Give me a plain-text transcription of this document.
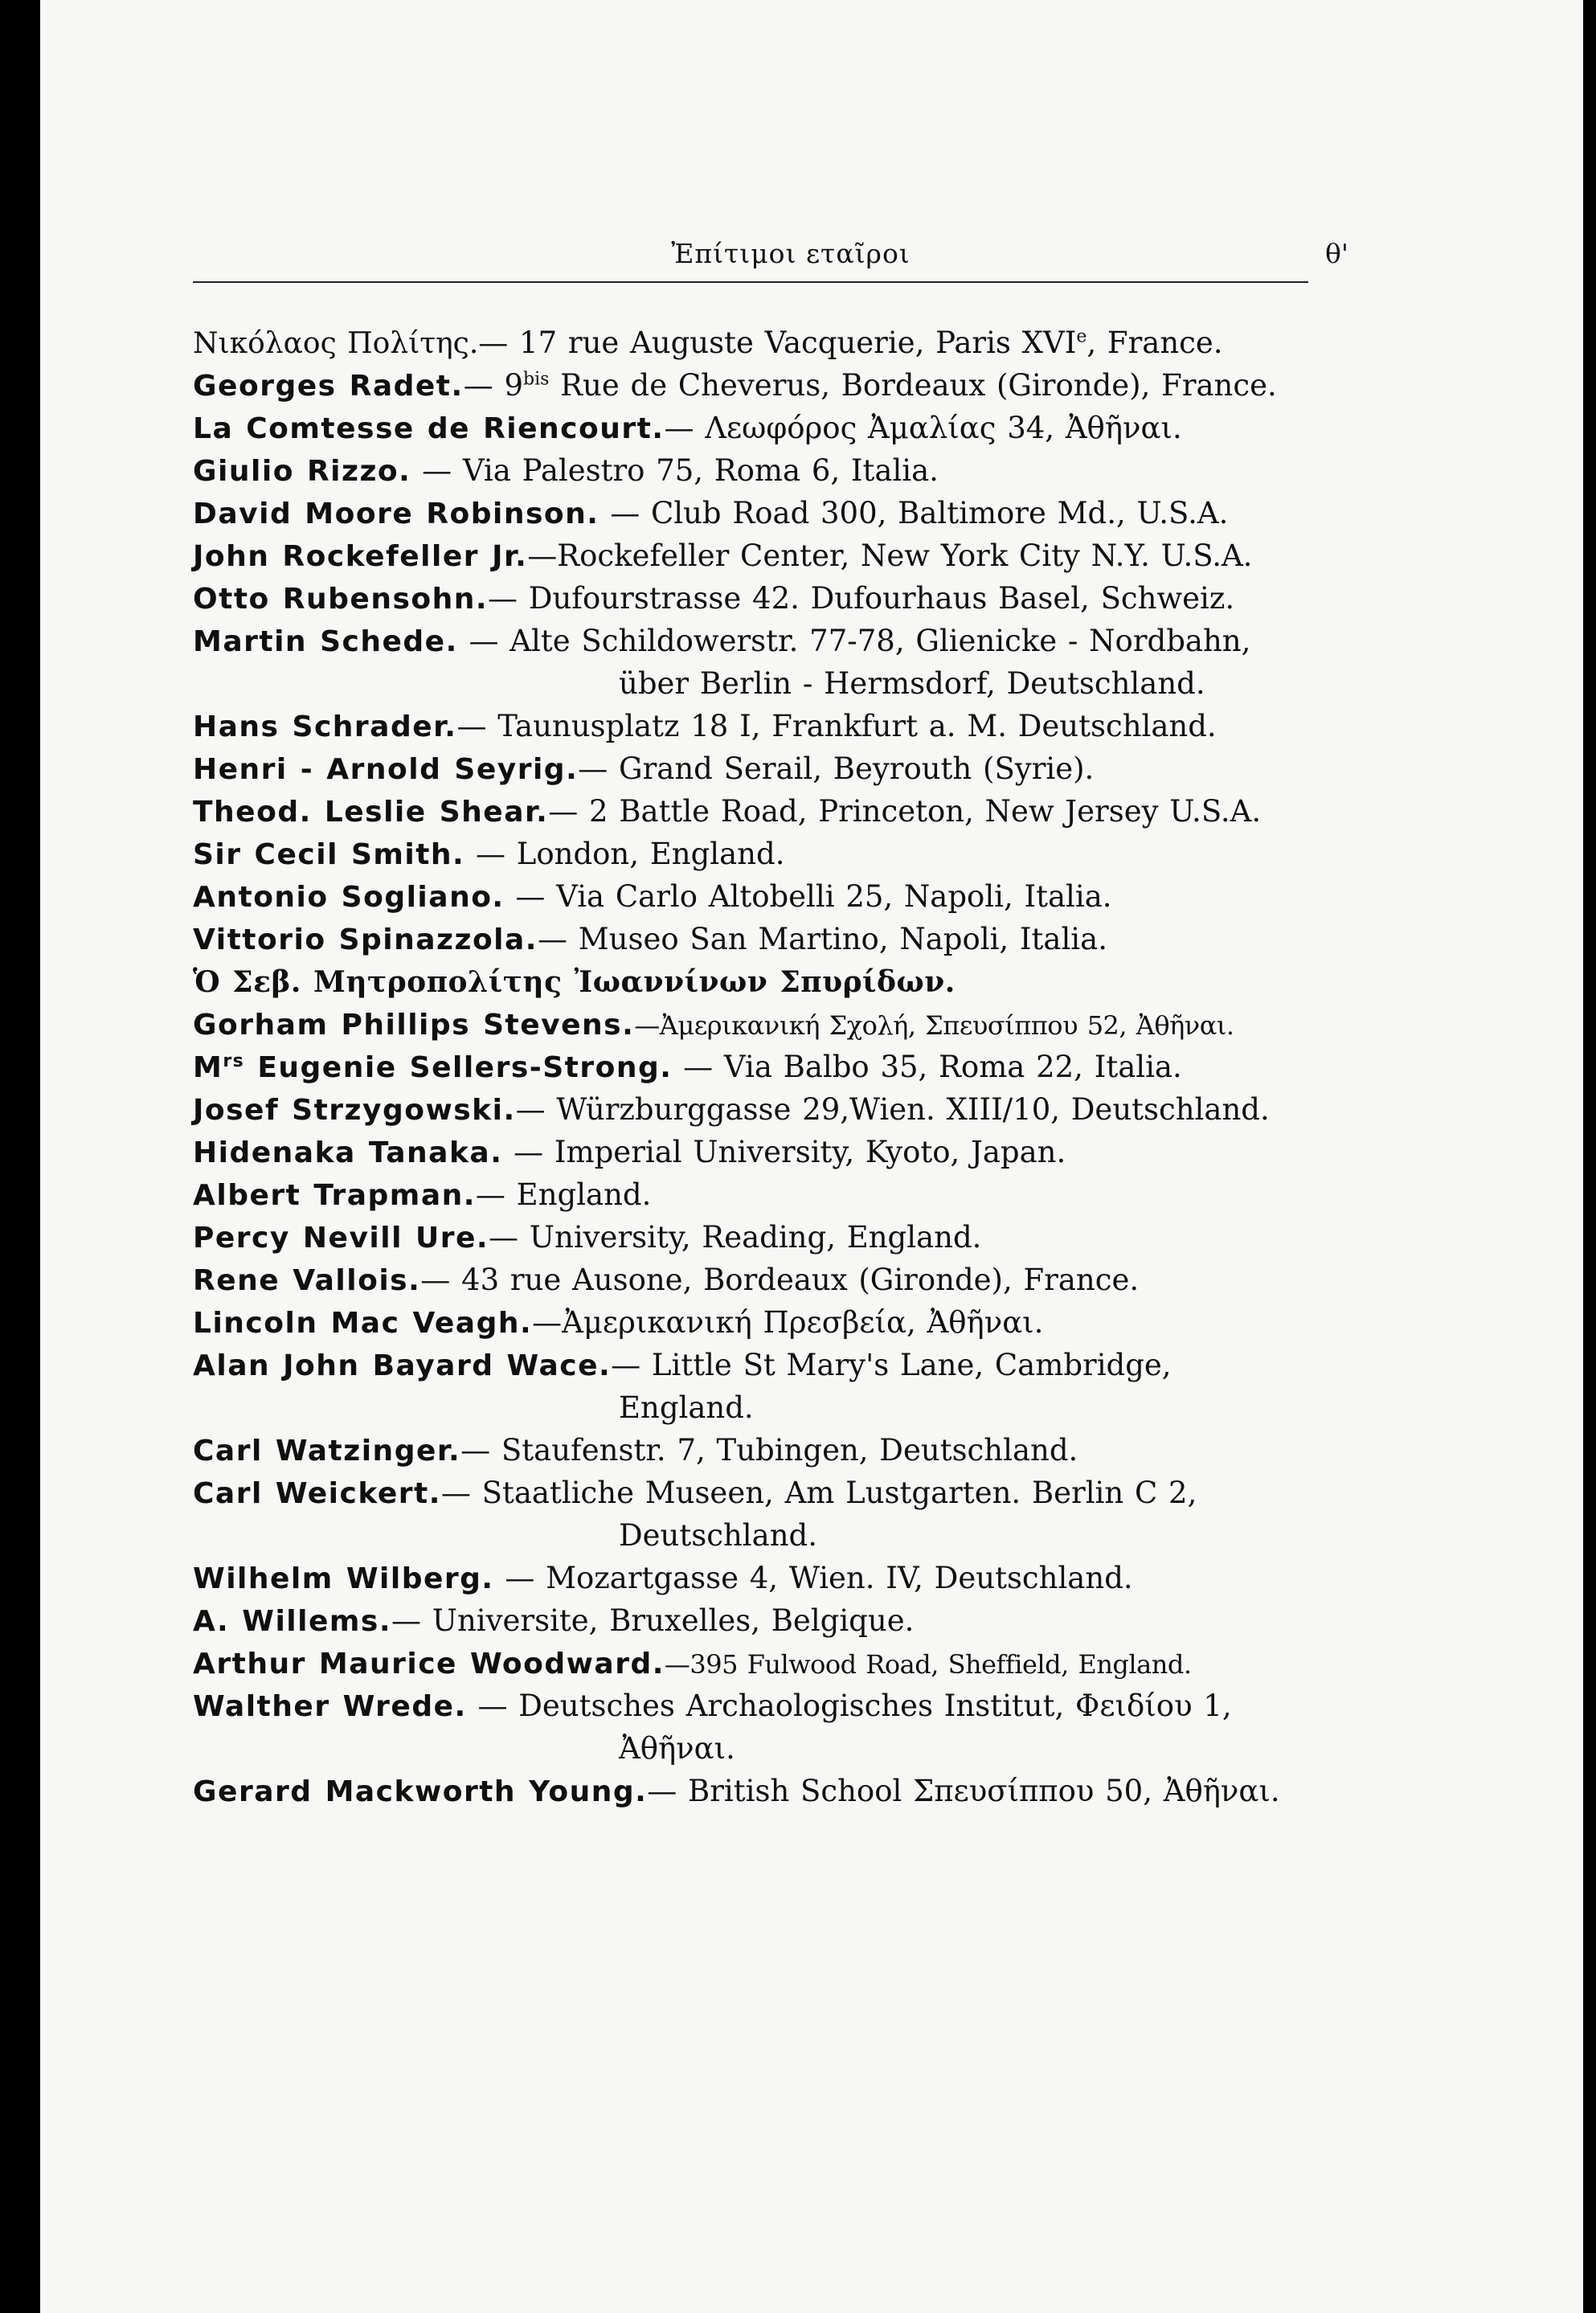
Ἐπίτιμοι εταῖροι	θ'
Νικόλαος Πολίτης.— 17 rue Auguste Vacquerie, Paris XVIe, France.
Georges Radet.— $9^{bis}$ Rue de Cheverus, Bordeaux (Gironde), France.
La Comtesse de Riencourt.— Λεωφόρος Ἀμαλίας 34, Ἀθῆναι.
Giulio Rizzo. — Via Palestro 75, Roma 6, Italia.
David Moore Robinson. — Club Road 300, Baltimore Md., U.S.A.
John Rockefeller Jr.—Rockefeller Center, New York City N.Y. U.S.A.
Otto Rubensohn.— Dufourstrasse 42. Dufourhaus Basel, Schweiz.
Martin Schede. — Alte Schildowerstr. 77-78, Glienicke - Nordbahn,
über Berlin - Hermsdorf, Deutschland.
Hans Schrader.— Taunusplatz 18 I, Frankfurt a. M. Deutschland.
Henri - Arnold Seyrig.— Grand Serail, Beyrouth (Syrie).
Theod. Leslie Shear.— 2 Battle Road, Princeton, New Jersey U.S.A.
Sir Cecil Smith. — London, England.
Antonio Sogliano. — Via Carlo Altobelli 25, Napoli, Italia.
Vittorio Spinazzola.— Museo San Martino, Napoli, Italia.
Ὁ Σεβ. Μητροπολίτης Ἰωαννίνων Σπυρίδων.
Gorham Phillips Stevens.—Ἀμερικανική Σχολή, Σπευσίππου 52, Ἀθῆναι.
$M^{rs}$ Eugenie Sellers-Strong. — Via Balbo 35, Roma 22, Italia.
Josef Strzygowski.— Würzburggasse 29,Wien. XIII/10, Deutschland.
Hidenaka Tanaka. — Imperial University, Kyoto, Japan.
Albert Trapman.— England.
Percy Nevill Ure.— University, Reading, England.
Rene Vallois.— 43 rue Ausone, Bordeaux (Gironde), France.
Lincoln Mac Veagh.—Ἀμερικανική Πρεσβεία, Ἀθῆναι.
Alan John Bayard Wace.— Little St Mary's Lane, Cambridge,
England.
Carl Watzinger.— Staufenstr. 7, Tubingen, Deutschland.
Carl Weickert.— Staatliche Museen, Am Lustgarten. Berlin C 2,
Deutschland.
Wilhelm Wilberg. — Mozartgasse 4, Wien. IV, Deutschland.
A. Willems.— Universite, Bruxelles, Belgique.
Arthur Maurice Woodward.—395 Fulwood Road, Sheffield, England.
Walther Wrede. — Deutsches Archaologisches Institut, Φειδίου 1,
Ἀθῆναι.
Gerard Mackworth Young.— British School Σπευσίππου 50, Ἀθῆναι.
